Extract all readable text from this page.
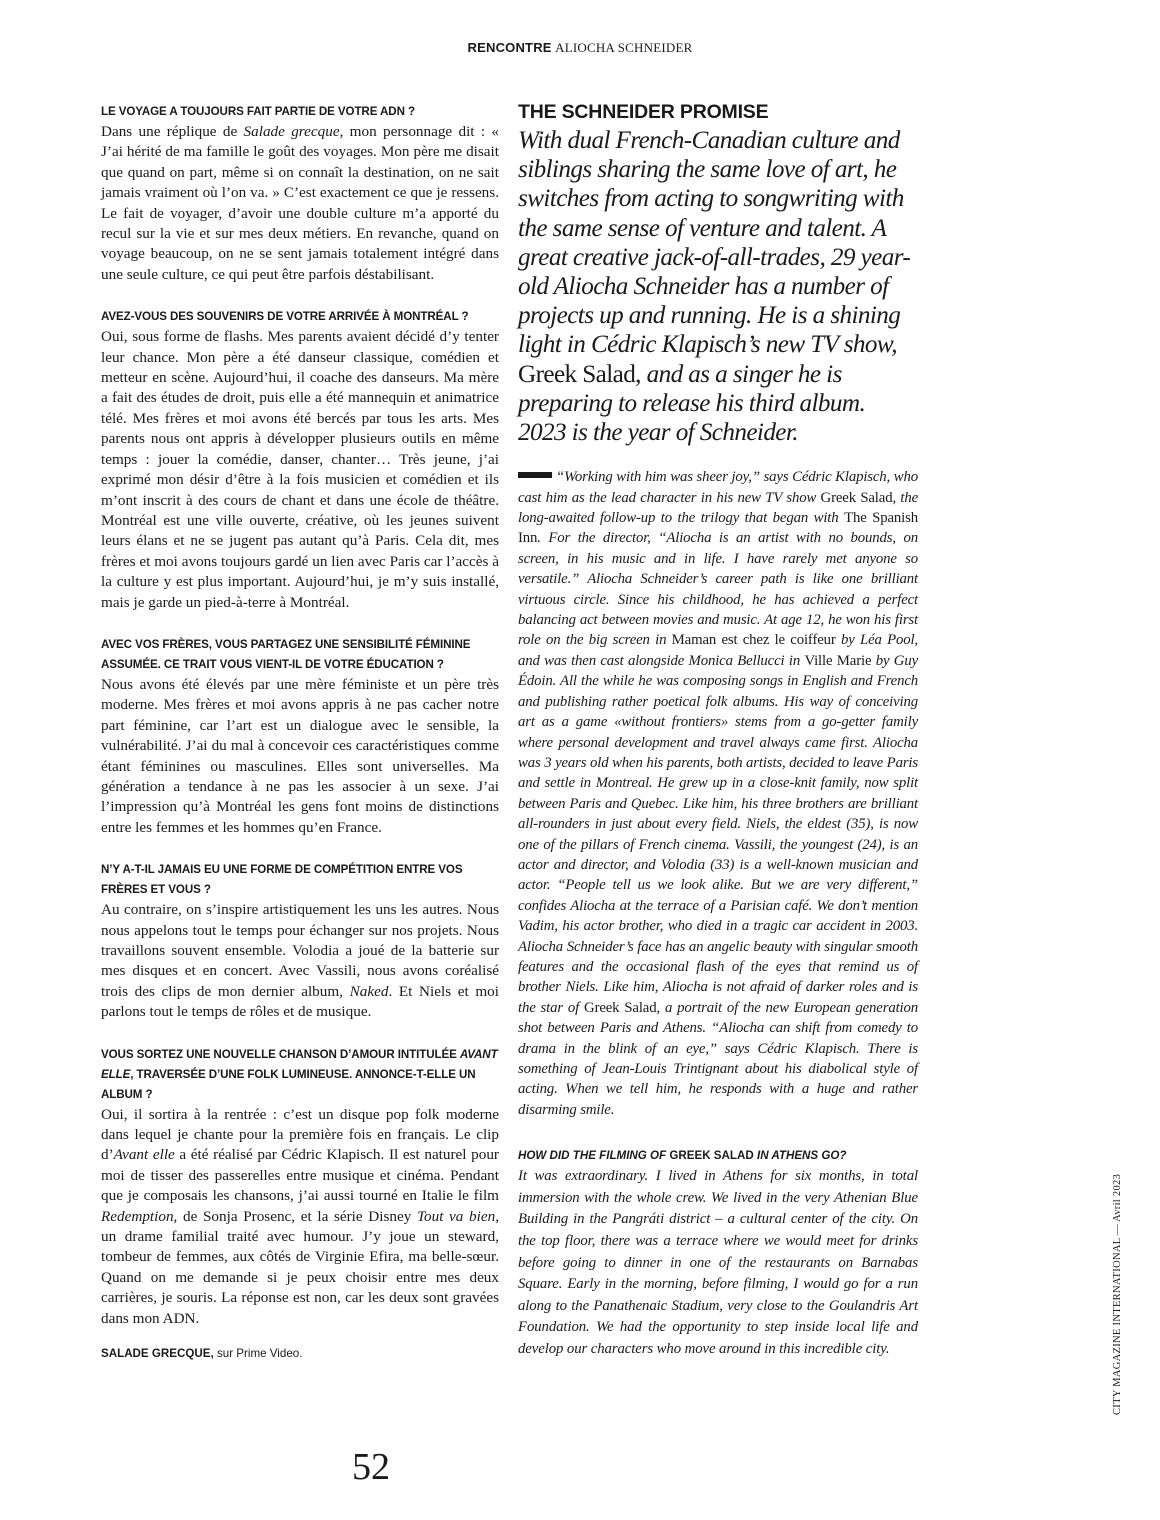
RENCONTRE ALIOCHA SCHNEIDER

LE VOYAGE A TOUJOURS FAIT PARTIE DE VOTRE ADN ?

Dans une réplique de Salade grecque, mon personnage dit : « J’ai hérité de ma famille le goût des voyages. Mon père me disait que quand on part, même si on connaît la destination, on ne sait jamais vraiment où l’on va. » C’est exactement ce que je ressens. Le fait de voyager, d’avoir une double culture m’a apporté du recul sur la vie et sur mes deux métiers. En revanche, quand on voyage beaucoup, on ne se sent jamais totalement intégré dans une seule culture, ce qui peut être parfois déstabilisant.

AVEZ-VOUS DES SOUVENIRS DE VOTRE ARRIVÉE À MONTRÉAL ?

Oui, sous forme de flashs. Mes parents avaient décidé d’y tenter leur chance. Mon père a été danseur classique, comédien et metteur en scène. Aujourd’hui, il coache des danseurs. Ma mère a fait des études de droit, puis elle a été mannequin et animatrice télé. Mes frères et moi avons été bercés par tous les arts. Mes parents nous ont appris à développer plusieurs outils en même temps : jouer la comédie, danser, chanter… Très jeune, j’ai exprimé mon désir d’être à la fois musicien et comédien et ils m’ont inscrit à des cours de chant et dans une école de théâtre. Montréal est une ville ouverte, créative, où les jeunes suivent leurs élans et ne se jugent pas autant qu’à Paris. Cela dit, mes frères et moi avons toujours gardé un lien avec Paris car l’accès à la culture y est plus important. Aujourd’hui, je m’y suis installé, mais je garde un pied-à-terre à Montréal.

AVEC VOS FRÈRES, VOUS PARTAGEZ UNE SENSIBILITÉ FÉMININE ASSUMÉE. CE TRAIT VOUS VIENT-IL DE VOTRE ÉDUCATION ?

Nous avons été élevés par une mère féministe et un père très moderne. Mes frères et moi avons appris à ne pas cacher notre part féminine, car l’art est un dialogue avec le sensible, la vulnérabilité. J’ai du mal à concevoir ces caractéristiques comme étant féminines ou masculines. Elles sont universelles. Ma génération a tendance à ne pas les associer à un sexe. J’ai l’impression qu’à Montréal les gens font moins de distinctions entre les femmes et les hommes qu’en France.

N’Y A-T-IL JAMAIS EU UNE FORME DE COMPÉTITION ENTRE VOS FRÈRES ET VOUS ?

Au contraire, on s’inspire artistiquement les uns les autres. Nous nous appelons tout le temps pour échanger sur nos projets. Nous travaillons souvent ensemble. Volodia a joué de la batterie sur mes disques et en concert. Avec Vassili, nous avons coréalisé trois des clips de mon dernier album, Naked. Et Niels et moi parlons tout le temps de rôles et de musique.

VOUS SORTEZ UNE NOUVELLE CHANSON D’AMOUR INTITULÉE AVANT ELLE, TRAVERSÉE D’UNE FOLK LUMINEUSE. ANNONCE-T-ELLE UN ALBUM ?

Oui, il sortira à la rentrée : c’est un disque pop folk moderne dans lequel je chante pour la première fois en français. Le clip d’Avant elle a été réalisé par Cédric Klapisch. Il est naturel pour moi de tisser des passerelles entre musique et cinéma. Pendant que je composais les chansons, j’ai aussi tourné en Italie le film Redemption, de Sonja Prosenc, et la série Disney Tout va bien, un drame familial traité avec humour. J’y joue un steward, tombeur de femmes, aux côtés de Virginie Efira, ma belle-sœur. Quand on me demande si je peux choisir entre mes deux carrières, je souris. La réponse est non, car les deux sont gravées dans mon ADN.

SALADE GRECQUE, sur Prime Video.

THE SCHNEIDER PROMISE

With dual French-Canadian culture and siblings sharing the same love of art, he switches from acting to songwriting with the same sense of venture and talent. A great creative jack-of-all-trades, 29 year-old Aliocha Schneider has a number of projects up and running. He is a shining light in Cédric Klapisch’s new TV show, Greek Salad, and as a singer he is preparing to release his third album. 2023 is the year of Schneider.

“Working with him was sheer joy,” says Cédric Klapisch, who cast him as the lead character in his new TV show Greek Salad, the long-awaited follow-up to the trilogy that began with The Spanish Inn. For the director, “Aliocha is an artist with no bounds, on screen, in his music and in life. I have rarely met anyone so versatile.” Aliocha Schneider’s career path is like one brilliant virtuous circle. Since his childhood, he has achieved a perfect balancing act between movies and music. At age 12, he won his first role on the big screen in Maman est chez le coiffeur by Léa Pool, and was then cast alongside Monica Bellucci in Ville Marie by Guy Édoin. All the while he was composing songs in English and French and publishing rather poetical folk albums. His way of conceiving art as a game «without frontiers» stems from a go-getter family where personal development and travel always came first. Aliocha was 3 years old when his parents, both artists, decided to leave Paris and settle in Montreal. He grew up in a close-knit family, now split between Paris and Quebec. Like him, his three brothers are brilliant all-rounders in just about every field. Niels, the eldest (35), is now one of the pillars of French cinema. Vassili, the youngest (24), is an actor and director, and Volodia (33) is a well-known musician and actor. “People tell us we look alike. But we are very different,” confides Aliocha at the terrace of a Parisian café. We don’t mention Vadim, his actor brother, who died in a tragic car accident in 2003. Aliocha Schneider’s face has an angelic beauty with singular smooth features and the occasional flash of the eyes that remind us of brother Niels. Like him, Aliocha is not afraid of darker roles and is the star of Greek Salad, a portrait of the new European generation shot between Paris and Athens. “Aliocha can shift from comedy to drama in the blink of an eye,” says Cédric Klapisch. There is something of Jean-Louis Trintignant about his diabolical style of acting. When we tell him, he responds with a huge and rather disarming smile.

HOW DID THE FILMING OF GREEK SALAD IN ATHENS GO?

It was extraordinary. I lived in Athens for six months, in total immersion with the whole crew. We lived in the very Athenian Blue Building in the Pangráti district – a cultural center of the city. On the top floor, there was a terrace where we would meet for drinks before going to dinner in one of the restaurants on Barnabas Square. Early in the morning, before filming, I would go for a run along to the Panathenaic Stadium, very close to the Goulandris Art Foundation. We had the opportunity to step inside local life and develop our characters who move around in this incredible city.

52
CITY MAGAZINE INTERNATIONAL — Avril 2023
